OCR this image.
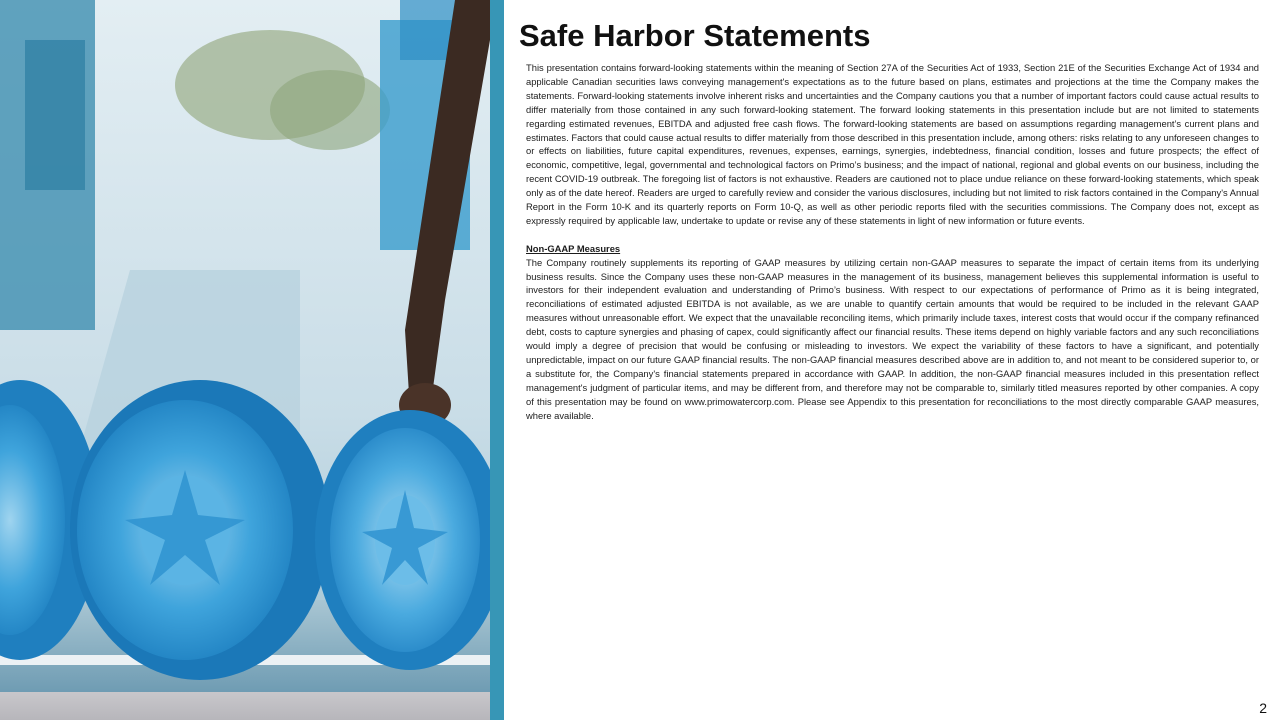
Safe Harbor Statements

This presentation contains forward-looking statements within the meaning of Section 27A of the Securities Act of 1933, Section 21E of the Securities Exchange Act of 1934 and applicable Canadian securities laws conveying management's expectations as to the future based on plans, estimates and projections at the time the Company makes the statements. Forward-looking statements involve inherent risks and uncertainties and the Company cautions you that a number of important factors could cause actual results to differ materially from those contained in any such forward-looking statement. The forward looking statements in this presentation include but are not limited to statements regarding estimated revenues, EBITDA and adjusted free cash flows. The forward-looking statements are based on assumptions regarding management’s current plans and estimates. Factors that could cause actual results to differ materially from those described in this presentation include, among others: risks relating to any unforeseen changes to or effects on liabilities, future capital expenditures, revenues, expenses, earnings, synergies, indebtedness, financial condition, losses and future prospects; the effect of economic, competitive, legal, governmental and technological factors on Primo’s business; and the impact of national, regional and global events on our business, including the recent COVID-19 outbreak. The foregoing list of factors is not exhaustive. Readers are cautioned not to place undue reliance on these forward-looking statements, which speak only as of the date hereof. Readers are urged to carefully review and consider the various disclosures, including but not limited to risk factors contained in the Company's Annual Report in the Form 10-K and its quarterly reports on Form 10-Q, as well as other periodic reports filed with the securities commissions. The Company does not, except as expressly required by applicable law, undertake to update or revise any of these statements in light of new information or future events.

Non-GAAP Measures

The Company routinely supplements its reporting of GAAP measures by utilizing certain non-GAAP measures to separate the impact of certain items from its underlying business results. Since the Company uses these non-GAAP measures in the management of its business, management believes this supplemental information is useful to investors for their independent evaluation and understanding of Primo’s business. With respect to our expectations of performance of Primo as it is being integrated, reconciliations of estimated adjusted EBITDA is not available, as we are unable to quantify certain amounts that would be required to be included in the relevant GAAP measures without unreasonable effort. We expect that the unavailable reconciling items, which primarily include taxes, interest costs that would occur if the company refinanced debt, costs to capture synergies and phasing of capex, could significantly affect our financial results. These items depend on highly variable factors and any such reconciliations would imply a degree of precision that would be confusing or misleading to investors. We expect the variability of these factors to have a significant, and potentially unpredictable, impact on our future GAAP financial results. The non-GAAP financial measures described above are in addition to, and not meant to be considered superior to, or a substitute for, the Company's financial statements prepared in accordance with GAAP. In addition, the non-GAAP financial measures included in this presentation reflect management's judgment of particular items, and may be different from, and therefore may not be comparable to, similarly titled measures reported by other companies. A copy of this presentation may be found on www.primowatercorp.com. Please see Appendix to this presentation for reconciliations to the most directly comparable GAAP measures, where available.

2
